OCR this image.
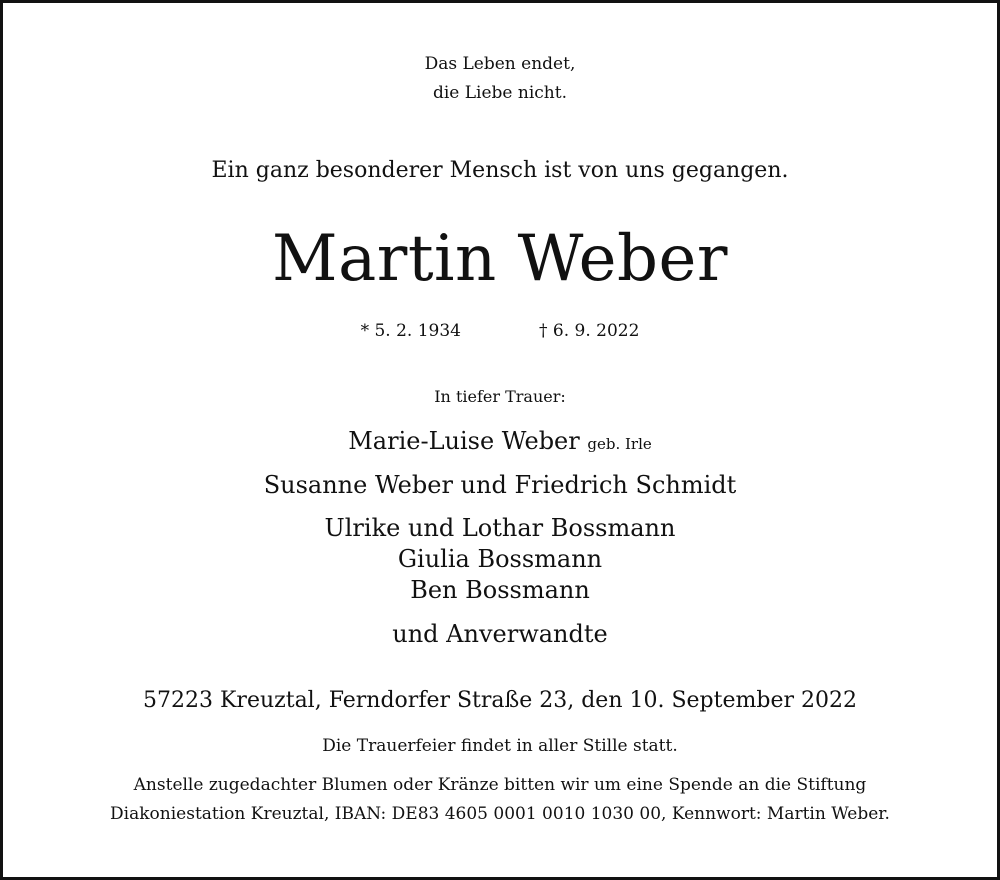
Das Leben endet,
die Liebe nicht.
Ein ganz besonderer Mensch ist von uns gegangen.
Martin Weber
* 5. 2. 1934	† 6. 9. 2022
In tiefer Trauer:
Marie-Luise Weber geb. Irle
Susanne Weber und Friedrich Schmidt
Ulrike und Lothar Bossmann
Giulia Bossmann
Ben Bossmann
und Anverwandte
57223 Kreuztal, Ferndorfer Straße 23, den 10. September 2022
Die Trauerfeier findet in aller Stille statt.
Anstelle zugedachter Blumen oder Kränze bitten wir um eine Spende an die Stiftung
Diakoniestation Kreuztal, IBAN: DE83 4605 0001 0010 1030 00, Kennwort: Martin Weber.
